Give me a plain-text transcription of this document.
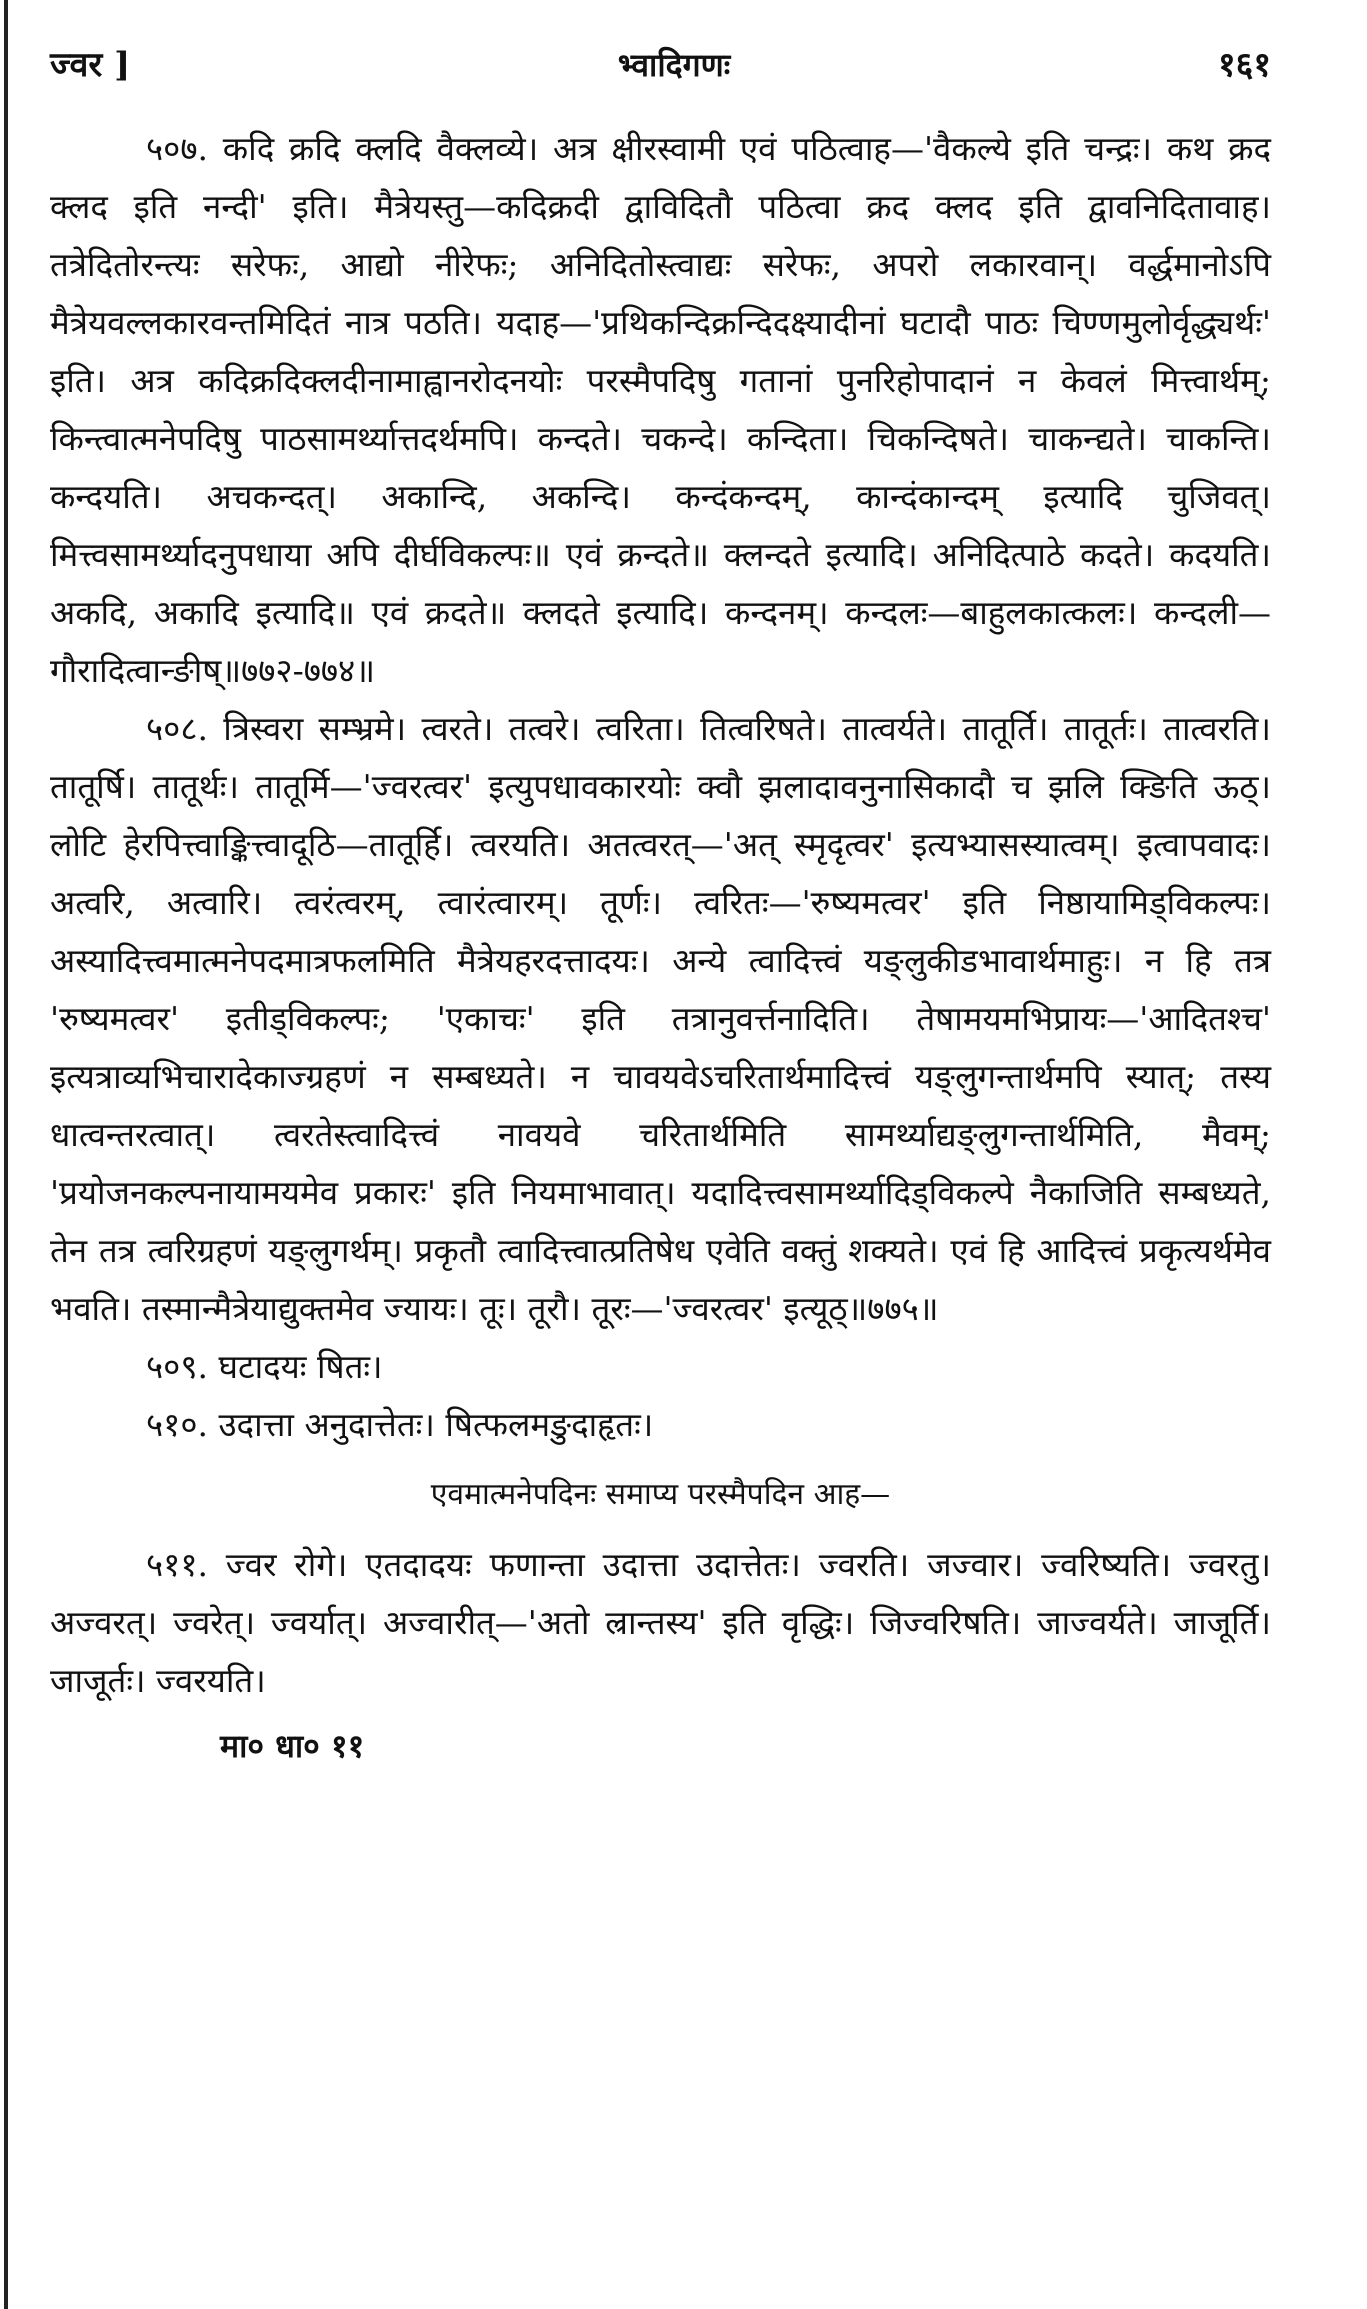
ज्वर ]	भ्वादिगणः	१६१

५०७. कदि क्रदि क्लदि वैक्लव्ये। अत्र क्षीरस्वामी एवं पठित्वाह—'वैकल्ये इति चन्द्रः। कथ क्रद क्लद इति नन्दी' इति। मैत्रेयस्तु—कदिक्रदी द्वाविदितौ पठित्वा क्रद क्लद इति द्वावनिदितावाह। तत्रेदितोरन्त्यः सरेफः, आद्यो नीरेफः; अनिदितोस्त्वाद्यः सरेफः, अपरो लकारवान्। वर्द्धमानोऽपि मैत्रेयवल्लकारवन्तमिदितं नात्र पठति। यदाह—'प्रथिकन्दिक्रन्दिदक्ष्यादीनां घटादौ पाठः चिण्णमुलोर्वृद्ध्यर्थः' इति। अत्र कदिक्रदिक्लदीनामाह्वानरोदनयोः परस्मैपदिषु गतानां पुनरिहोपादानं न केवलं मित्त्वार्थम्; किन्त्वात्मनेपदिषु पाठसामर्थ्यात्तदर्थमपि। कन्दते। चकन्दे। कन्दिता। चिकन्दिषते। चाकन्द्यते। चाकन्ति। कन्दयति। अचकन्दत्। अकान्दि, अकन्दि। कन्दंकन्दम्, कान्दंकान्दम् इत्यादि चुजिवत्। मित्त्वसामर्थ्यादनुपधाया अपि दीर्घविकल्पः॥ एवं क्रन्दते॥ क्लन्दते इत्यादि। अनिदित्पाठे कदते। कदयति। अकदि, अकादि इत्यादि॥ एवं क्रदते॥ क्लदते इत्यादि। कन्दनम्। कन्दलः—बाहुलकात्कलः। कन्दली—गौरादित्वान्ङीष्॥७७२-७७४॥

५०८. त्रिस्वरा सम्भ्रमे। त्वरते। तत्वरे। त्वरिता। तित्वरिषते। तात्वर्यते। तातूर्ति। तातूर्तः। तात्वरति। तातूर्षि। तातूर्थः। तातूर्मि—'ज्वरत्वर' इत्युपधावकारयोः क्वौ झलादावनुनासिकादौ च झलि क्ङिति ऊठ्। लोटि हेरपित्त्वाङ्कित्त्वादूठि—तातूर्हि। त्वरयति। अतत्वरत्—'अत् स्मृदृत्वर' इत्यभ्यासस्यात्वम्। इत्वापवादः। अत्वरि, अत्वारि। त्वरंत्वरम्, त्वारंत्वारम्। तूर्णः। त्वरितः—'रुष्यमत्वर' इति निष्ठायामिड्विकल्पः। अस्यादित्त्वमात्मनेपदमात्रफलमिति मैत्रेयहरदत्तादयः। अन्ये त्वादित्त्वं यङ्लुकीडभावार्थमाहुः। न हि तत्र 'रुष्यमत्वर' इतीड्विकल्पः; 'एकाचः' इति तत्रानुवर्त्तनादिति। तेषामयमभिप्रायः—'आदितश्च' इत्यत्राव्यभिचारादेकाज्ग्रहणं न सम्बध्यते। न चावयवेऽचरितार्थमादित्त्वं यङ्लुगन्तार्थमपि स्यात्; तस्य धात्वन्तरत्वात्। त्वरतेस्त्वादित्त्वं नावयवे चरितार्थमिति सामर्थ्याद्यङ्लुगन्तार्थमिति, मैवम्; 'प्रयोजनकल्पनायामयमेव प्रकारः' इति नियमाभावात्। यदादित्त्वसामर्थ्यादिड्विकल्पे नैकाजिति सम्बध्यते, तेन तत्र त्वरिग्रहणं यङ्लुगर्थम्। प्रकृतौ त्वादित्त्वात्प्रतिषेध एवेति वक्तुं शक्यते। एवं हि आदित्त्वं प्रकृत्यर्थमेव भवति। तस्मान्मैत्रेयाद्युक्तमेव ज्यायः। तूः। तूरौ। तूरः—'ज्वरत्वर' इत्यूठ्॥७७५॥

५०९. घटादयः षितः।

५१०. उदात्ता अनुदात्तेतः। षित्फलमङुदाहृतः।

एवमात्मनेपदिनः समाप्य परस्मैपदिन आह—

५११. ज्वर रोगे। एतदादयः फणान्ता उदात्ता उदात्तेतः। ज्वरति। जज्वार। ज्वरिष्यति। ज्वरतु। अज्वरत्। ज्वरेत्। ज्वर्यात्। अज्वारीत्—'अतो ल्रान्तस्य' इति वृद्धिः। जिज्वरिषति। जाज्वर्यते। जाजूर्ति। जाजूर्तः। ज्वरयति।

मा० धा० ११
